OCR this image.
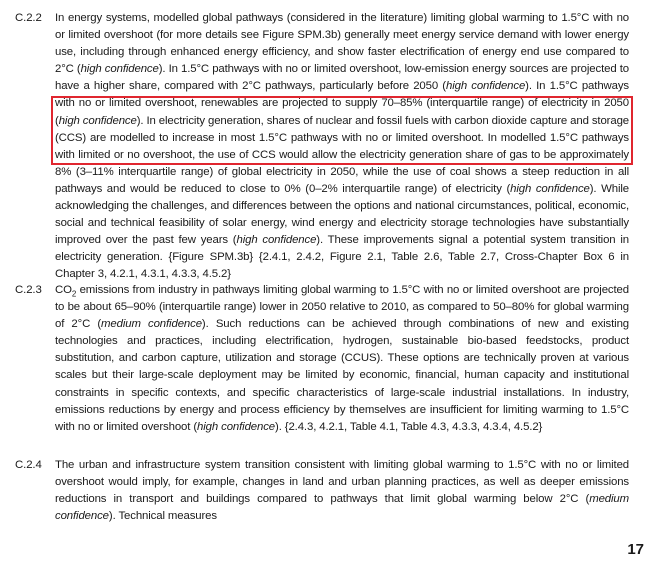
C.2.2 In energy systems, modelled global pathways (considered in the literature) limiting global warming to 1.5°C with no or limited overshoot (for more details see Figure SPM.3b) generally meet energy service demand with lower energy use, including through enhanced energy efficiency, and show faster electrification of energy end use compared to 2°C (high confidence). In 1.5°C pathways with no or limited overshoot, low-emission energy sources are projected to have a higher share, compared with 2°C pathways, particularly before 2050 (high confidence). In 1.5°C pathways with no or limited overshoot, renewables are projected to supply 70–85% (interquartile range) of electricity in 2050 (high confidence). In electricity generation, shares of nuclear and fossil fuels with carbon dioxide capture and storage (CCS) are modelled to increase in most 1.5°C pathways with no or limited overshoot. In modelled 1.5°C pathways with limited or no overshoot, the use of CCS would allow the electricity generation share of gas to be approximately 8% (3–11% interquartile range) of global electricity in 2050, while the use of coal shows a steep reduction in all pathways and would be reduced to close to 0% (0–2% interquartile range) of electricity (high confidence). While acknowledging the challenges, and differences between the options and national circumstances, political, economic, social and technical feasibility of solar energy, wind energy and electricity storage technologies have substantially improved over the past few years (high confidence). These improvements signal a potential system transition in electricity generation. {Figure SPM.3b} {2.4.1, 2.4.2, Figure 2.1, Table 2.6, Table 2.7, Cross-Chapter Box 6 in Chapter 3, 4.2.1, 4.3.1, 4.3.3, 4.5.2}
C.2.3 $CO_2$ emissions from industry in pathways limiting global warming to 1.5°C with no or limited overshoot are projected to be about 65–90% (interquartile range) lower in 2050 relative to 2010, as compared to 50–80% for global warming of 2°C (medium confidence). Such reductions can be achieved through combinations of new and existing technologies and practices, including electrification, hydrogen, sustainable bio-based feedstocks, product substitution, and carbon capture, utilization and storage (CCUS). These options are technically proven at various scales but their large-scale deployment may be limited by economic, financial, human capacity and institutional constraints in specific contexts, and specific characteristics of large-scale industrial installations. In industry, emissions reductions by energy and process efficiency by themselves are insufficient for limiting warming to 1.5°C with no or limited overshoot (high confidence). {2.4.3, 4.2.1, Table 4.1, Table 4.3, 4.3.3, 4.3.4, 4.5.2}
C.2.4 The urban and infrastructure system transition consistent with limiting global warming to 1.5°C with no or limited overshoot would imply, for example, changes in land and urban planning practices, as well as deeper emissions reductions in transport and buildings compared to pathways that limit global warming below 2°C (medium confidence). Technical measures
17
